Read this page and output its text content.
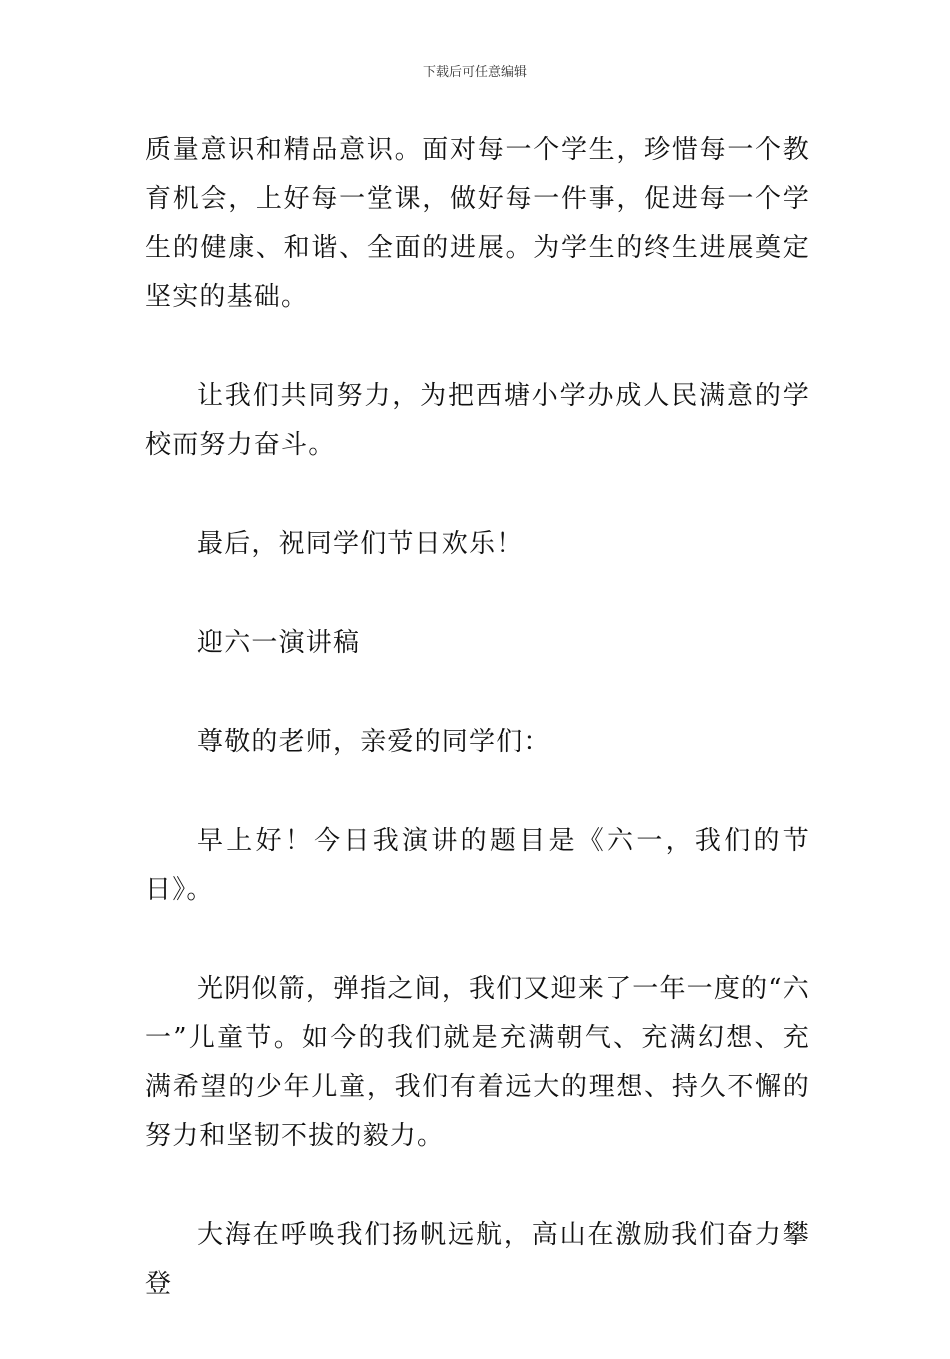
下载后可任意编辑

质量意识和精品意识。面对每一个学生，珍惜每一个教育机会，上好每一堂课，做好每一件事，促进每一个学生的健康、和谐、全面的进展。为学生的终生进展奠定坚实的基础。

让我们共同努力，为把西塘小学办成人民满意的学校而努力奋斗。

最后，祝同学们节日欢乐！

迎六一演讲稿

尊敬的老师，亲爱的同学们：

早上好！今日我演讲的题目是《六一，我们的节日》。

光阴似箭，弹指之间，我们又迎来了一年一度的“六一”儿童节。如今的我们就是充满朝气、充满幻想、充满希望的少年儿童，我们有着远大的理想、持久不懈的努力和坚韧不拔的毅力。

大海在呼唤我们扬帆远航，高山在激励我们奋力攀登
